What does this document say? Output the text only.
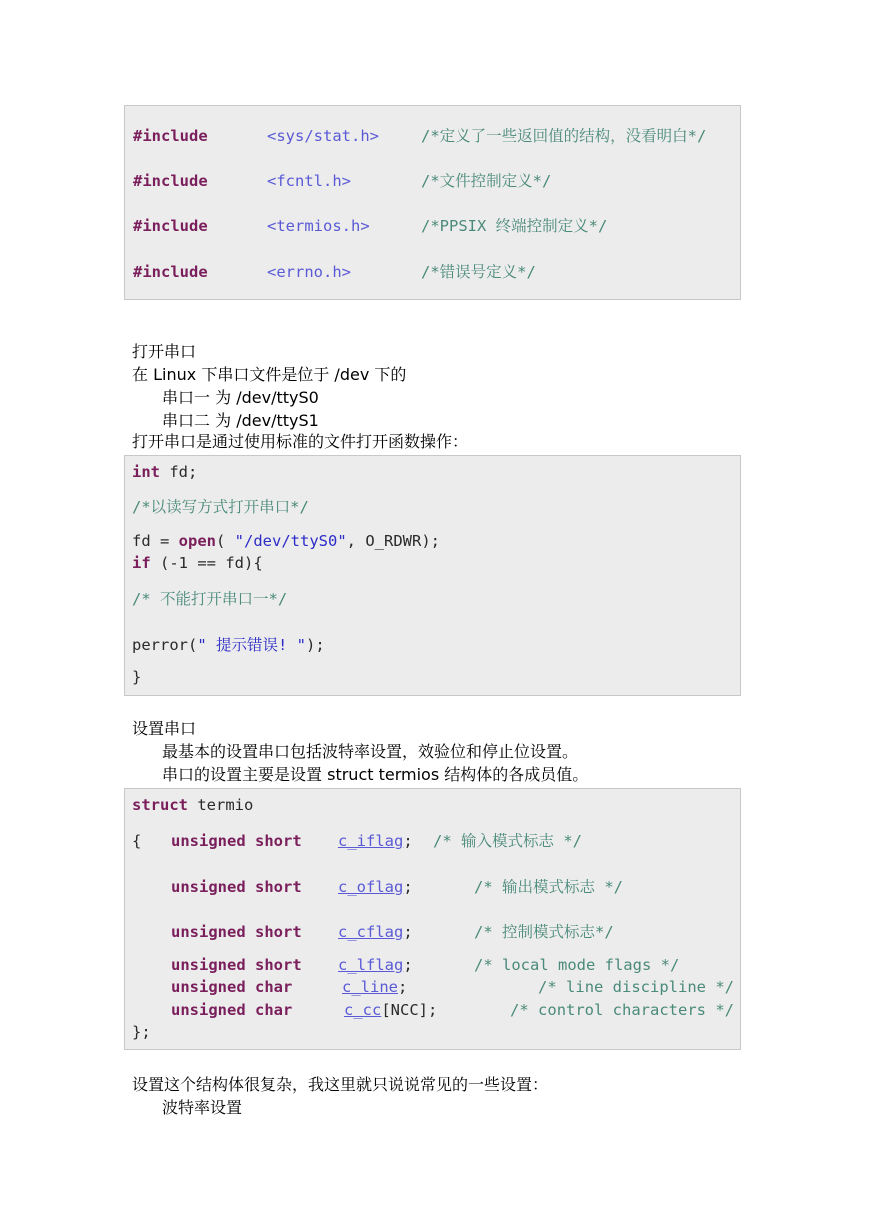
#include	<sys/stat.h>	/*定义了一些返回值的结构，没看明白*/
#include	<fcntl.h>	/*文件控制定义*/
#include	<termios.h>	/*PPSIX 终端控制定义*/
#include	<errno.h>	/*错误号定义*/
打开串口
在 Linux 下串口文件是位于 /dev 下的
串口一 为 /dev/ttyS0
串口二 为 /dev/ttyS1
打开串口是通过使用标准的文件打开函数操作：
int fd;
/*以读写方式打开串口*/
fd = open( "/dev/ttyS0", O_RDWR);
if (-1 == fd){
/* 不能打开串口一*/
perror(" 提示错误! ");
}
设置串口
最基本的设置串口包括波特率设置，效验位和停止位设置。
串口的设置主要是设置 struct termios 结构体的各成员值。
struct termio
{ unsigned short c_iflag; /* 输入模式标志 */
unsigned short c_oflag;	/* 输出模式标志 */
unsigned short c_cflag;	/* 控制模式标志*/
unsigned short c_lflag;	/* local mode flags */
unsigned char	c_line;	/* line discipline */
unsigned char	c_cc[NCC];	/* control characters */
};
设置这个结构体很复杂，我这里就只说说常见的一些设置：
波特率设置
